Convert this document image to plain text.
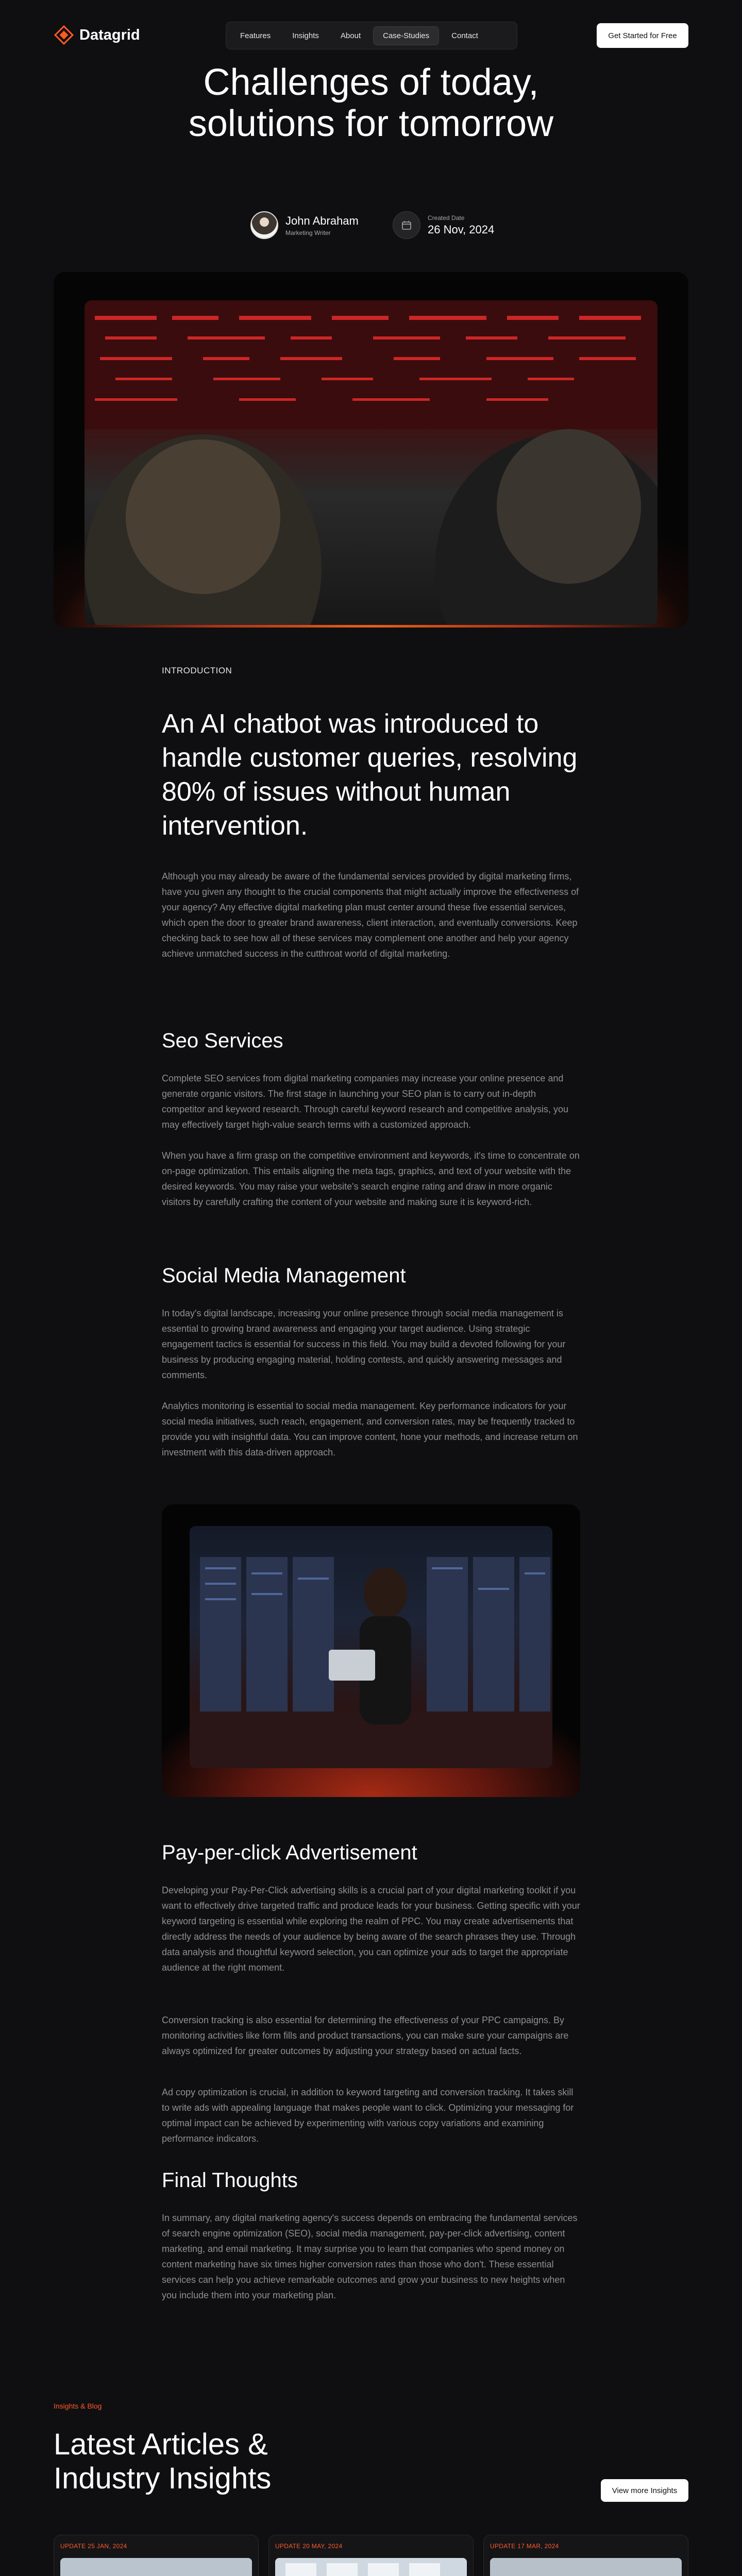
Datagrid	Features	Insights	About	Case-Studies	Contact	Get Started for Free
Challenges of today,
solutions for tomorrow
John Abraham
Marketing Writer
Created Date
26 Nov, 2024
INTRODUCTION
An AI chatbot was introduced to handle customer queries, resolving 80% of issues without human intervention.

Although you may already be aware of the fundamental services provided by digital marketing firms, have you given any thought to the crucial components that might actually improve the effectiveness of your agency? Any effective digital marketing plan must center around these five essential services, which open the door to greater brand awareness, client interaction, and eventually conversions. Keep checking back to see how all of these services may complement one another and help your agency achieve unmatched success in the cutthroat world of digital marketing.

Seo Services

Complete SEO services from digital marketing companies may increase your online presence and generate organic visitors. The first stage in launching your SEO plan is to carry out in-depth competitor and keyword research. Through careful keyword research and competitive analysis, you may effectively target high-value search terms with a customized approach.

When you have a firm grasp on the competitive environment and keywords, it's time to concentrate on on-page optimization. This entails aligning the meta tags, graphics, and text of your website with the desired keywords. You may raise your website's search engine rating and draw in more organic visitors by carefully crafting the content of your website and making sure it is keyword-rich.

Social Media Management

In today's digital landscape, increasing your online presence through social media management is essential to growing brand awareness and engaging your target audience. Using strategic engagement tactics is essential for success in this field. You may build a devoted following for your business by producing engaging material, holding contests, and quickly answering messages and comments.

Analytics monitoring is essential to social media management. Key performance indicators for your social media initiatives, such reach, engagement, and conversion rates, may be frequently tracked to provide you with insightful data. You can improve content, hone your methods, and increase return on investment with this data-driven approach.

Pay-per-click Advertisement

Developing your Pay-Per-Click advertising skills is a crucial part of your digital marketing toolkit if you want to effectively drive targeted traffic and produce leads for your business. Getting specific with your keyword targeting is essential while exploring the realm of PPC. You may create advertisements that directly address the needs of your audience by being aware of the search phrases they use. Through data analysis and thoughtful keyword selection, you can optimize your ads to target the appropriate audience at the right moment.

Conversion tracking is also essential for determining the effectiveness of your PPC campaigns. By monitoring activities like form fills and product transactions, you can make sure your campaigns are always optimized for greater outcomes by adjusting your strategy based on actual facts.

Ad copy optimization is crucial, in addition to keyword targeting and conversion tracking. It takes skill to write ads with appealing language that makes people want to click. Optimizing your messaging for optimal impact can be achieved by experimenting with various copy variations and examining performance indicators.

Final Thoughts

In summary, any digital marketing agency's success depends on embracing the fundamental services of search engine optimization (SEO), social media management, pay-per-click advertising, content marketing, and email marketing. It may surprise you to learn that companies who spend money on content marketing have six times higher conversion rates than those who don't. These essential services can help you achieve remarkable outcomes and grow your business to new heights when you include them into your marketing plan.

Insights & Blog
Latest Articles &
Industry Insights	View more Insights
UPDATE 25 JAN, 2024	UPDATE 20 MAY, 2024	UPDATE 17 MAR, 2024
